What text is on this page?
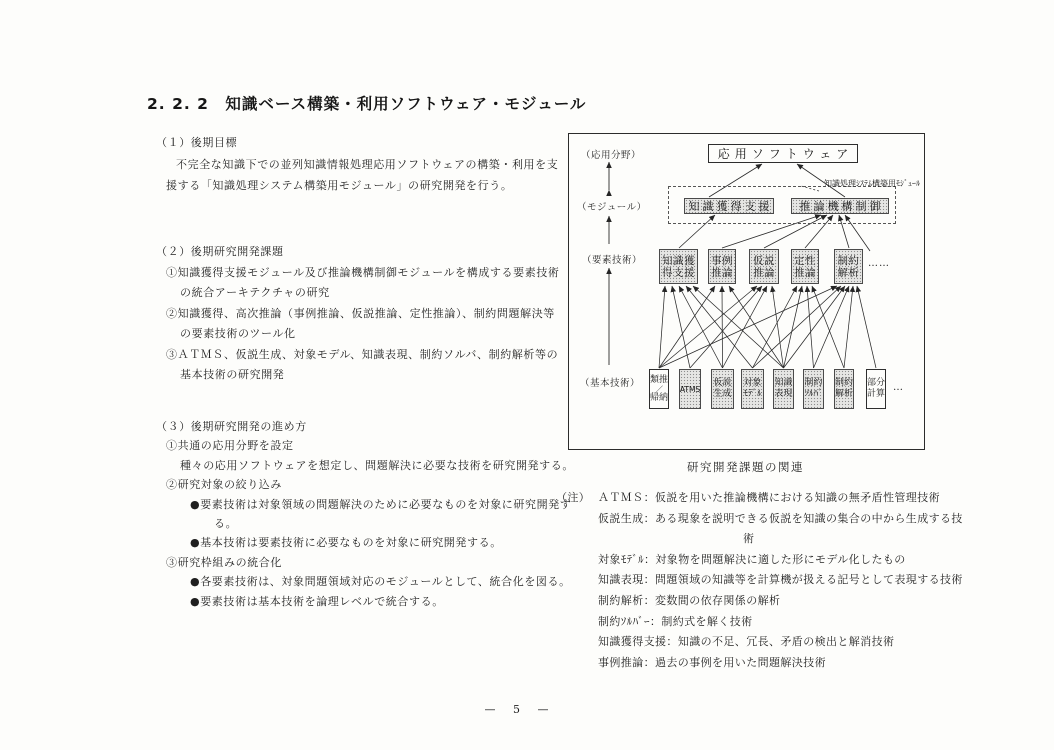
2. 2. 2　知識ベース構築・利用ソフトウェア・モジュール
（１）後期目標
不完全な知識下での並列知識情報処理応用ソフトウェアの構築・利用を支
援する「知識処理システム構築用モジュール」の研究開発を行う。
（２）後期研究開発課題
①知識獲得支援モジュール及び推論機構制御モジュールを構成する要素技術
の統合アーキテクチャの研究
②知識獲得、高次推論（事例推論、仮説推論、定性推論）、制約問題解決等
の要素技術のツール化
③ＡＴＭＳ、仮説生成、対象モデル、知識表現、制約ソルバ、制約解析等の
基本技術の研究開発
（３）後期研究開発の進め方
①共通の応用分野を設定
種々の応用ソフトウェアを想定し、問題解決に必要な技術を研究開発する。
②研究対象の絞り込み
●要素技術は対象領域の問題解決のために必要なものを対象に研究開発す
る。
●基本技術は要素技術に必要なものを対象に研究開発する。
③研究枠組みの統合化
●各要素技術は、対象問題領域対応のモジュールとして、統合化を図る。
●要素技術は基本技術を論理レベルで統合する。
（応用分野）
（モジュール）
（要素技術）
（基本技術）
応用ソフトウェア
知識処理ｼｽﾃﾑ構築用ﾓｼﾞｭｰﾙ
知識獲得支援	推論機構制御
知識獲
得支援
事例
推論
仮説
推論
定性
推論
制約
解析
……
類推
／
帰納
ATMS
仮説
生成
対象
ﾓﾃﾞﾙ
知識
表現
制約
ｿﾙﾊﾞ
制約
解析
部分
計算
…
研究開発課題の関連
（注） ＡＴＭＳ： 仮説を用いた推論機構における知識の無矛盾性管理技術
仮説生成： ある現象を説明できる仮説を知識の集合の中から生成する技
術
対象ﾓﾃﾞﾙ： 対象物を問題解決に適した形にモデル化したもの
知識表現： 問題領域の知識等を計算機が扱える記号として表現する技術
制約解析： 変数間の依存関係の解析
制約ｿﾙﾊﾞｰ： 制約式を解く技術
知識獲得支援： 知識の不足、冗長、矛盾の検出と解消技術
事例推論： 過去の事例を用いた問題解決技術
— 5 —
